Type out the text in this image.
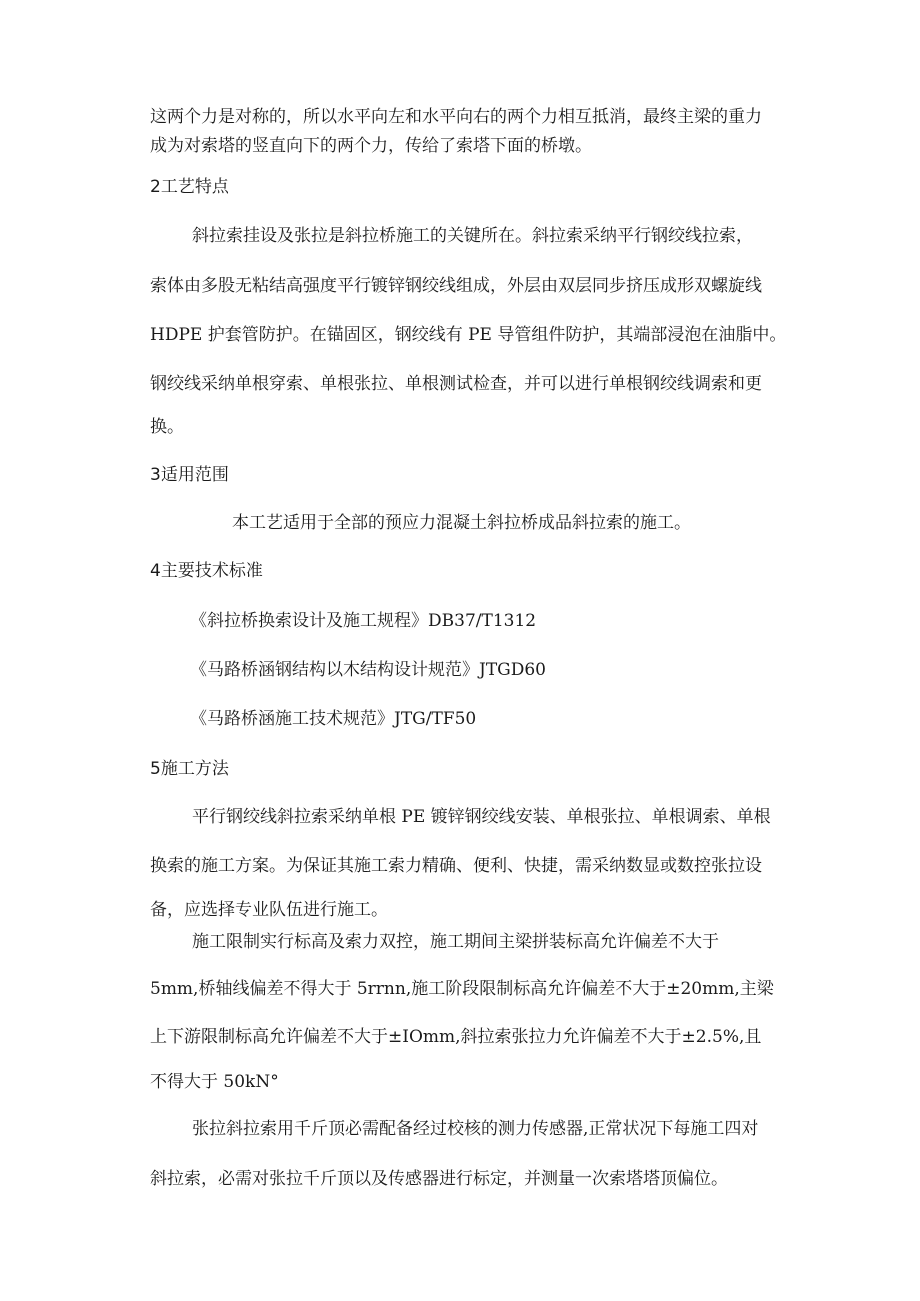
这两个力是对称的，所以水平向左和水平向右的两个力相互抵消，最终主梁的重力
成为对索塔的竖直向下的两个力，传给了索塔下面的桥墩。
2工艺特点
斜拉索挂设及张拉是斜拉桥施工的关键所在。斜拉索采纳平行钢绞线拉索，
索体由多股无粘结高强度平行镀锌钢绞线组成，外层由双层同步挤压成形双螺旋线
HDPE 护套管防护。在锚固区，钢绞线有 PE 导管组件防护，其端部浸泡在油脂中。
钢绞线采纳单根穿索、单根张拉、单根测试检查，并可以进行单根钢绞线调索和更
换。
3适用范围
本工艺适用于全部的预应力混凝土斜拉桥成品斜拉索的施工。
4主要技术标准
《斜拉桥换索设计及施工规程》DB37/T1312
《马路桥涵钢结构以木结构设计规范》JTGD60
《马路桥涵施工技术规范》JTG/TF50
5施工方法
平行钢绞线斜拉索采纳单根 PE 镀锌钢绞线安装、单根张拉、单根调索、单根
换索的施工方案。为保证其施工索力精确、便利、快捷，需采纳数显或数控张拉设
备，应选择专业队伍进行施工。
施工限制实行标高及索力双控，施工期间主梁拼装标高允许偏差不大于
5mm,桥轴线偏差不得大于 5rrnn,施工阶段限制标高允许偏差不大于±20mm,主梁
上下游限制标高允许偏差不大于±IOmm,斜拉索张拉力允许偏差不大于±2.5%,且
不得大于 50kN°
张拉斜拉索用千斤顶必需配备经过校核的测力传感器,正常状况下每施工四对
斜拉索，必需对张拉千斤顶以及传感器进行标定，并测量一次索塔塔顶偏位。
